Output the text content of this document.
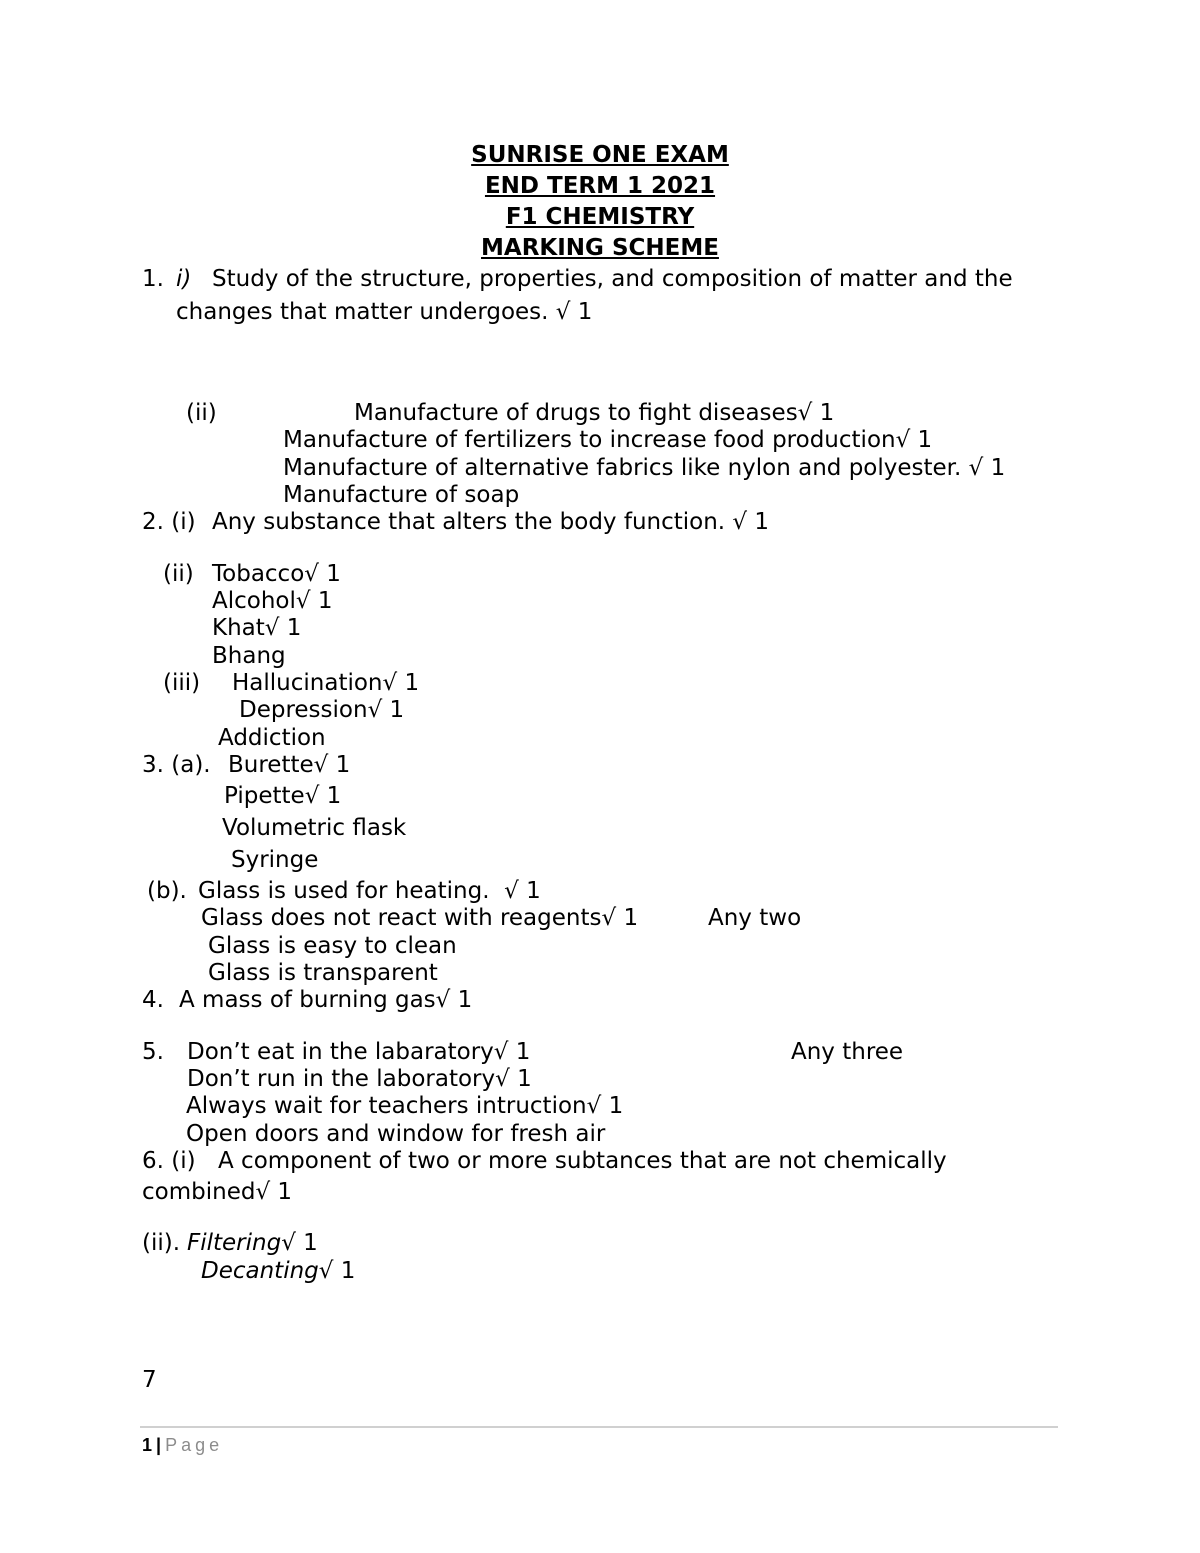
SUNRISE ONE EXAM
END TERM 1 2021
F1 CHEMISTRY
MARKING SCHEME
1. i) Study of the structure, properties, and composition of matter and the
changes that matter undergoes. √ 1
(ii)	Manufacture of drugs to fight diseases√ 1
Manufacture of fertilizers to increase food production√ 1
Manufacture of alternative fabrics like nylon and polyester. √ 1
Manufacture of soap
2. (i) Any substance that alters the body function. √ 1
(ii) Tobacco√ 1
Alcohol√ 1
Khat√ 1
Bhang
(iii) Hallucination√ 1
Depression√ 1
Addiction
3. (a). Burette√ 1
Pipette√ 1
Volumetric flask
Syringe
(b). Glass is used for heating.  √ 1
Glass does not react with reagents√ 1	Any two
Glass is easy to clean
Glass is transparent
4. A mass of burning gas√ 1
5. Don’t eat in the labaratory√ 1	Any three
Don’t run in the laboratory√ 1
Always wait for teachers intruction√ 1
Open doors and window for fresh air
6. (i) A component of two or more subtances that are not chemically
combined√ 1
(ii). Filtering√ 1
Decanting√ 1
7
1 | Page
